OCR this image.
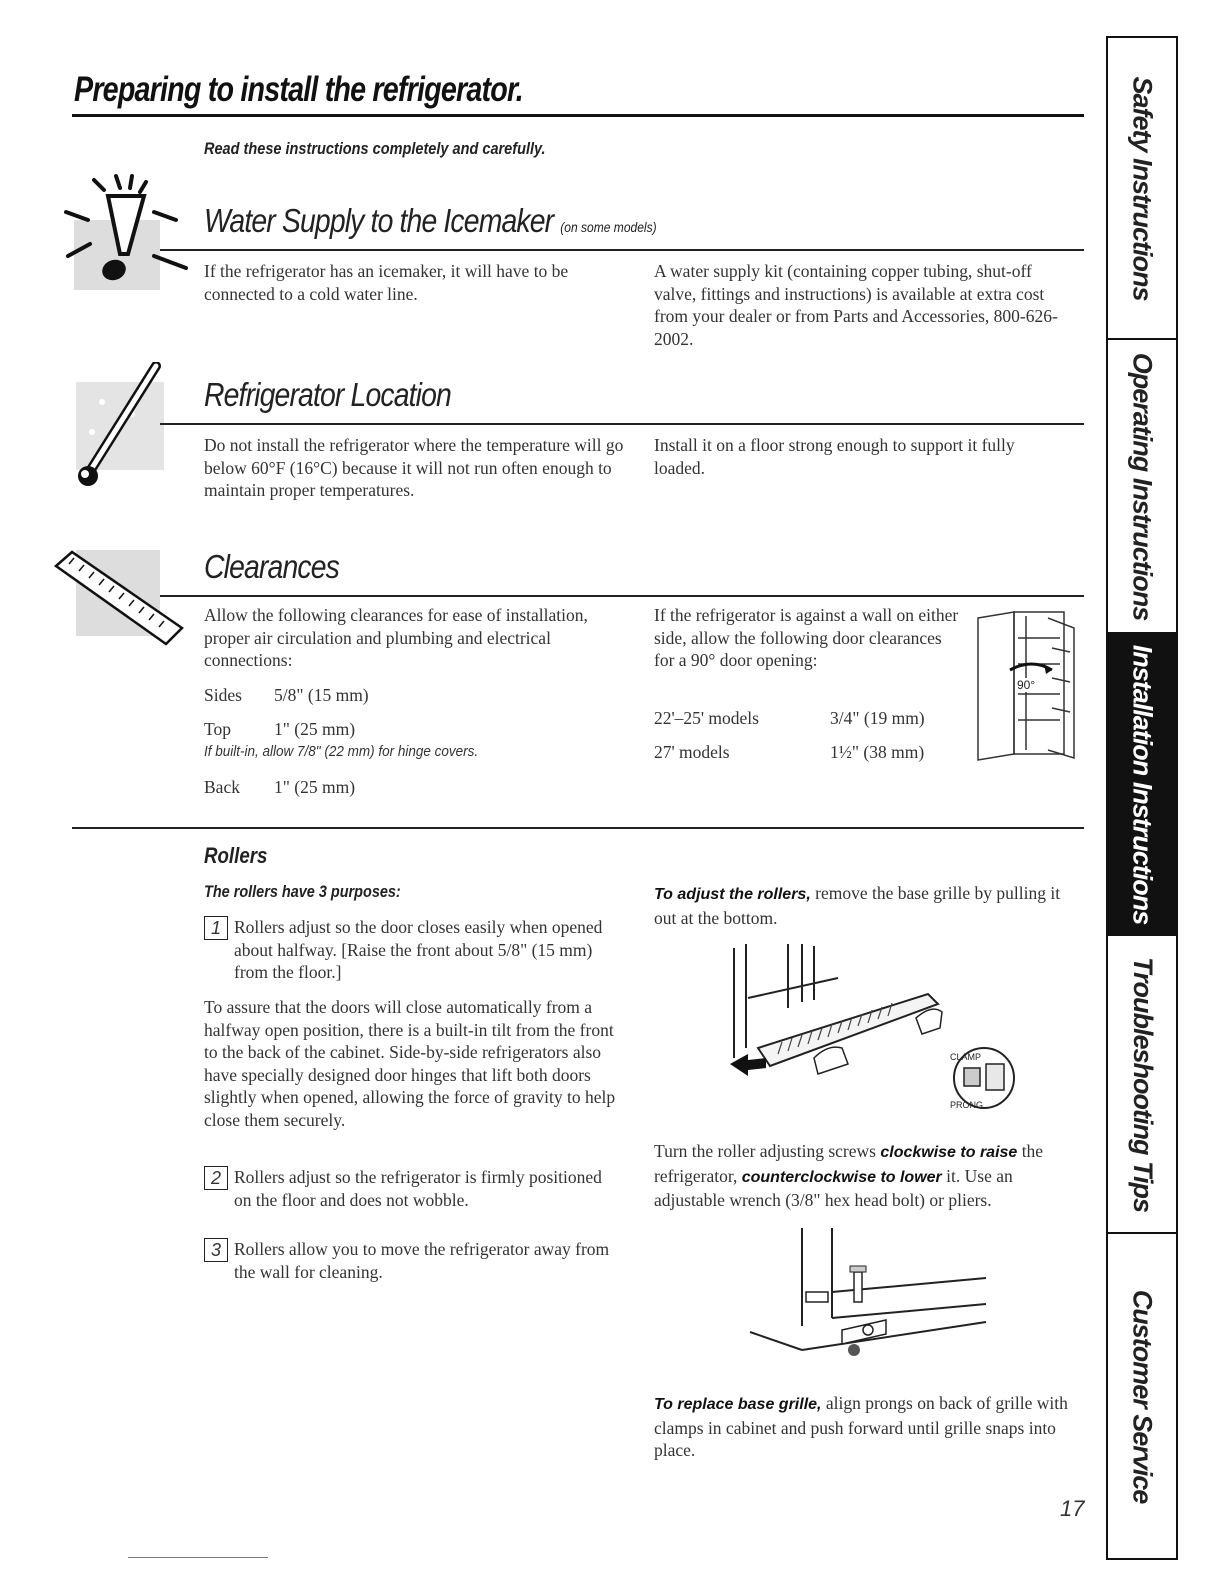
Preparing to install the refrigerator.
Read these instructions completely and carefully.
Water Supply to the Icemaker (on some models)
If the refrigerator has an icemaker, it will have to be connected to a cold water line.
A water supply kit (containing copper tubing, shut-off valve, fittings and instructions) is available at extra cost from your dealer or from Parts and Accessories, 800-626-2002.
Refrigerator Location
Do not install the refrigerator where the temperature will go below 60°F (16°C) because it will not run often enough to maintain proper temperatures.
Install it on a floor strong enough to support it fully loaded.
Clearances
Allow the following clearances for ease of installation, proper air circulation and plumbing and electrical connections:
Sides 5/8" (15 mm)
Top 1" (25 mm)
If built-in, allow 7/8" (22 mm) for hinge covers.
Back 1" (25 mm)
If the refrigerator is against a wall on either side, allow the following door clearances for a 90° door opening:
22'–25' models	3/4" (19 mm)
27' models	1½" (38 mm)
90°
Rollers
The rollers have 3 purposes:
1 Rollers adjust so the door closes easily when opened about halfway. [Raise the front about 5/8" (15 mm) from the floor.]
To assure that the doors will close automatically from a halfway open position, there is a built-in tilt from the front to the back of the cabinet. Side-by-side refrigerators also have specially designed door hinges that lift both doors slightly when opened, allowing the force of gravity to help close them securely.
2 Rollers adjust so the refrigerator is firmly positioned on the floor and does not wobble.
3 Rollers allow you to move the refrigerator away from the wall for cleaning.
To adjust the rollers, remove the base grille by pulling it out at the bottom.
CLAMP
PRONG
Turn the roller adjusting screws clockwise to raise the refrigerator, counterclockwise to lower it. Use an adjustable wrench (3/8" hex head bolt) or pliers.
To replace base grille, align prongs on back of grille with clamps in cabinet and push forward until grille snaps into place.
17
Safety Instructions
Operating Instructions
Installation Instructions
Troubleshooting Tips
Customer Service
